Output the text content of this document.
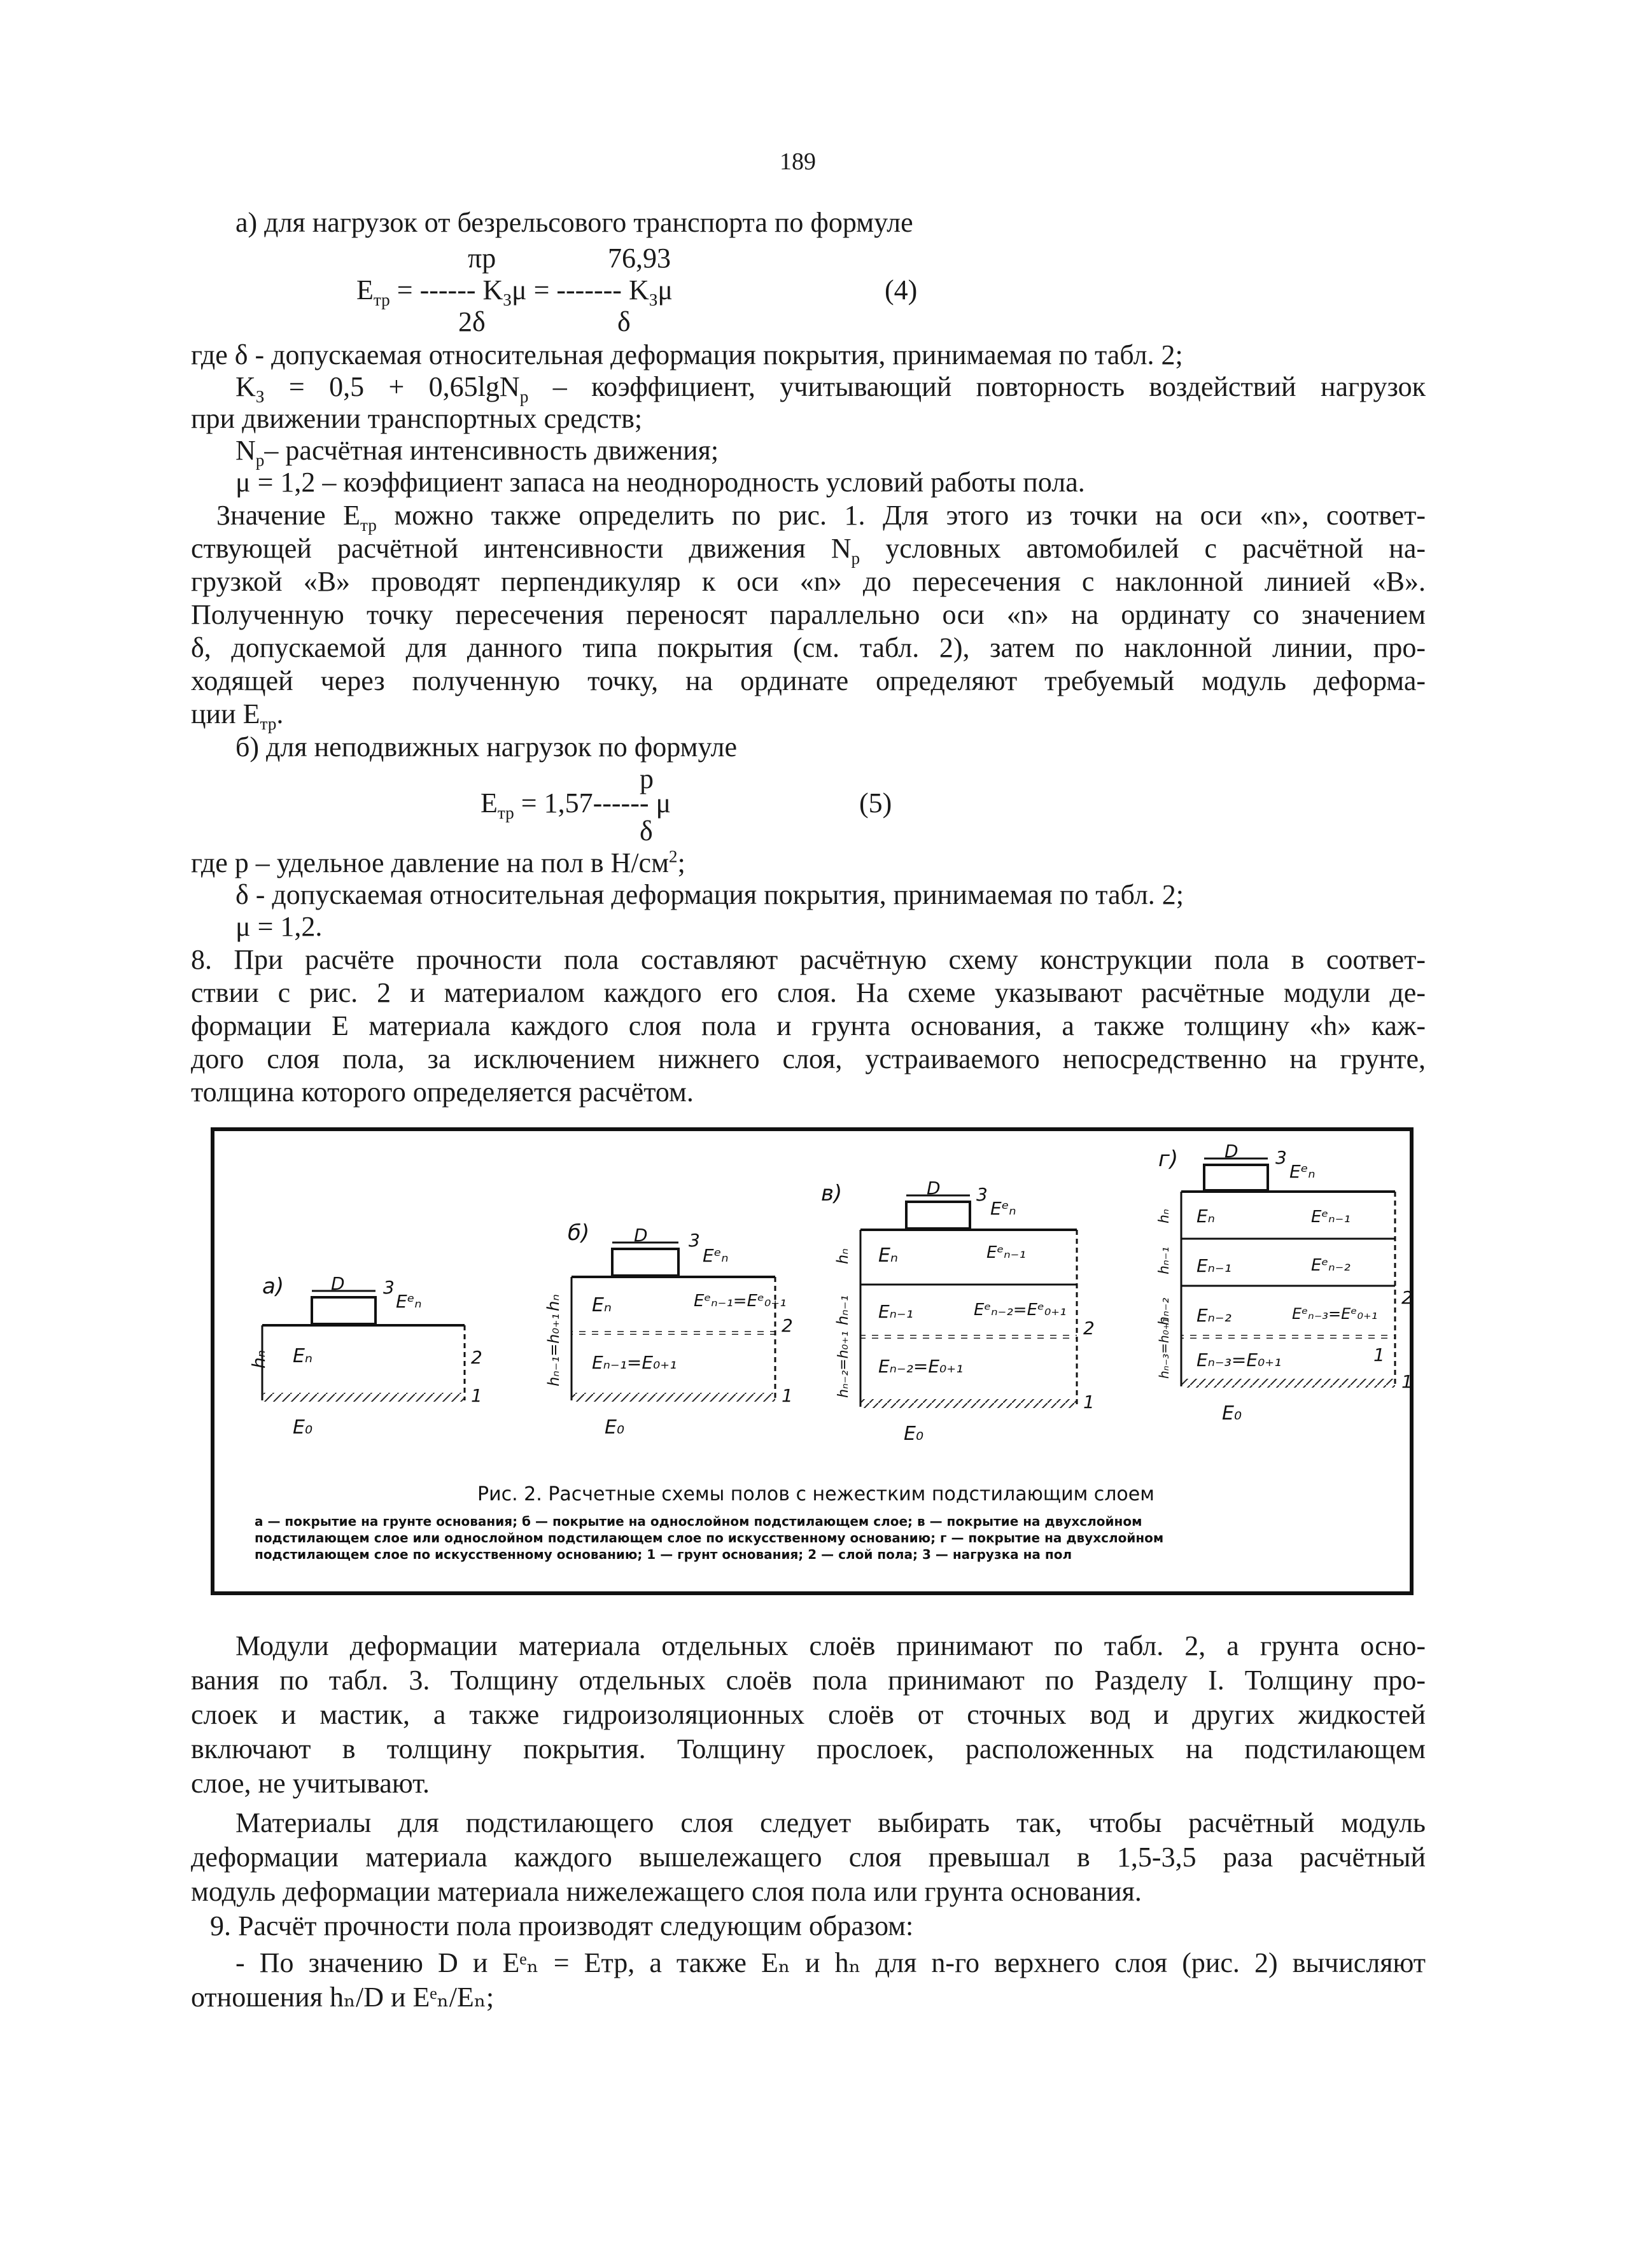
189
а) для нагрузок от безрельсового транспорта по формуле
πp	76,93
$E_{тр}$ = ------ $K_З\mu$ = ------- $K_З\mu$	(4)
2δ	δ
где δ - допускаемая относительная деформация покрытия, принимаемая по табл. 2;
$K_З = 0,5 + 0,65\lg N_р$ – коэффициент, учитывающий повторность воздействий нагрузок
при движении транспортных средств;
$N_р-$ расчётная интенсивность движения;
μ = 1,2 – коэффициент запаса на неоднородность условий работы пола.
Значение $E_{тр}$ можно также определить по рис. 1. Для этого из точки на оси «n», соответ-
ствующей расчётной интенсивности движения $N_р$ условных автомобилей с расчётной на-
грузкой «В» проводят перпендикуляр к оси «n» до пересечения с наклонной линией «В».
Полученную точку пересечения переносят параллельно оси «n» на ординату со значением
δ, допускаемой для данного типа покрытия (см. табл. 2), затем по наклонной линии, про-
ходящей через полученную точку, на ординате определяют требуемый модуль деформа-
ции $E_{тр}$.
б) для неподвижных нагрузок по формуле
p
$E_{тр} = 1,57------$ μ	(5)
δ
где p – удельное давление на пол в $Н/см^2$;
δ - допускаемая относительная деформация покрытия, принимаемая по табл. 2;
μ = 1,2.
8. При расчёте прочности пола составляют расчётную схему конструкции пола в соответ-
ствии с рис. 2 и материалом каждого его слоя. На схеме указывают расчётные модули де-
формации E материала каждого слоя пола и грунта основания, а также толщину «h» каж-
дого слоя пола, за исключением нижнего слоя, устраиваемого непосредственно на грунте,
толщина которого определяется расчётом.
а)	D 3
Eᵉₙ
hₙ Eₙ	2
1
E₀
б) D 3
Eᵉₙ
hₙ
hₙ₋₁=h₀₊₁
Eₙ	Eᵉₙ₋₁=Eᵉ₀₊₁
Eₙ₋₁=E₀₊₁
2
1
E₀
в)	D 3
Eᵉₙ
hₙ
hₙ₋₁
hₙ₋₂=h₀₊₁
Eₙ	Eᵉₙ₋₁
Eₙ₋₁	Eᵉₙ₋₂=Eᵉ₀₊₁
Eₙ₋₂=E₀₊₁
2
1
E₀
г)	D 3
Eᵉₙ
hₙ
hₙ₋₁
hₙ₋₂
hₙ₋₃=h₀₊₁
Eₙ	Eᵉₙ₋₁
Eₙ₋₁	Eᵉₙ₋₂
Eₙ₋₂	Eᵉₙ₋₃=Eᵉ₀₊₁
Eₙ₋₃=E₀₊₁
2
1
1
E₀
Рис. 2. Расчетные схемы полов с нежестким подстилающим слоем
а — покрытие на грунте основания; б — покрытие на однослойном подстилающем слое; в — покрытие на двухслойном
подстилающем слое или однослойном подстилающем слое по искусственному основанию; г — покрытие на двухслойном
подстилающем слое по искусственному основанию; 1 — грунт основания; 2 — слой пола; 3 — нагрузка на пол
Модули деформации материала отдельных слоёв принимают по табл. 2, а грунта осно-
вания по табл. 3. Толщину отдельных слоёв пола принимают по Разделу I. Толщину про-
слоек и мастик, а также гидроизоляционных слоёв от сточных вод и других жидкостей
включают в толщину покрытия. Толщину прослоек, расположенных на подстилающем
слое, не учитывают.
Материалы для подстилающего слоя следует выбирать так, чтобы расчётный модуль
деформации материала каждого вышележащего слоя превышал в 1,5-3,5 раза расчётный
модуль деформации материала нижележащего слоя пола или грунта основания.
9. Расчёт прочности пола производят следующим образом:
- По значению D и Eᵉₙ = Eтр, а также Eₙ и hₙ для n-го верхнего слоя (рис. 2) вычисляют
отношения hₙ/D и Eᵉₙ/Eₙ;
